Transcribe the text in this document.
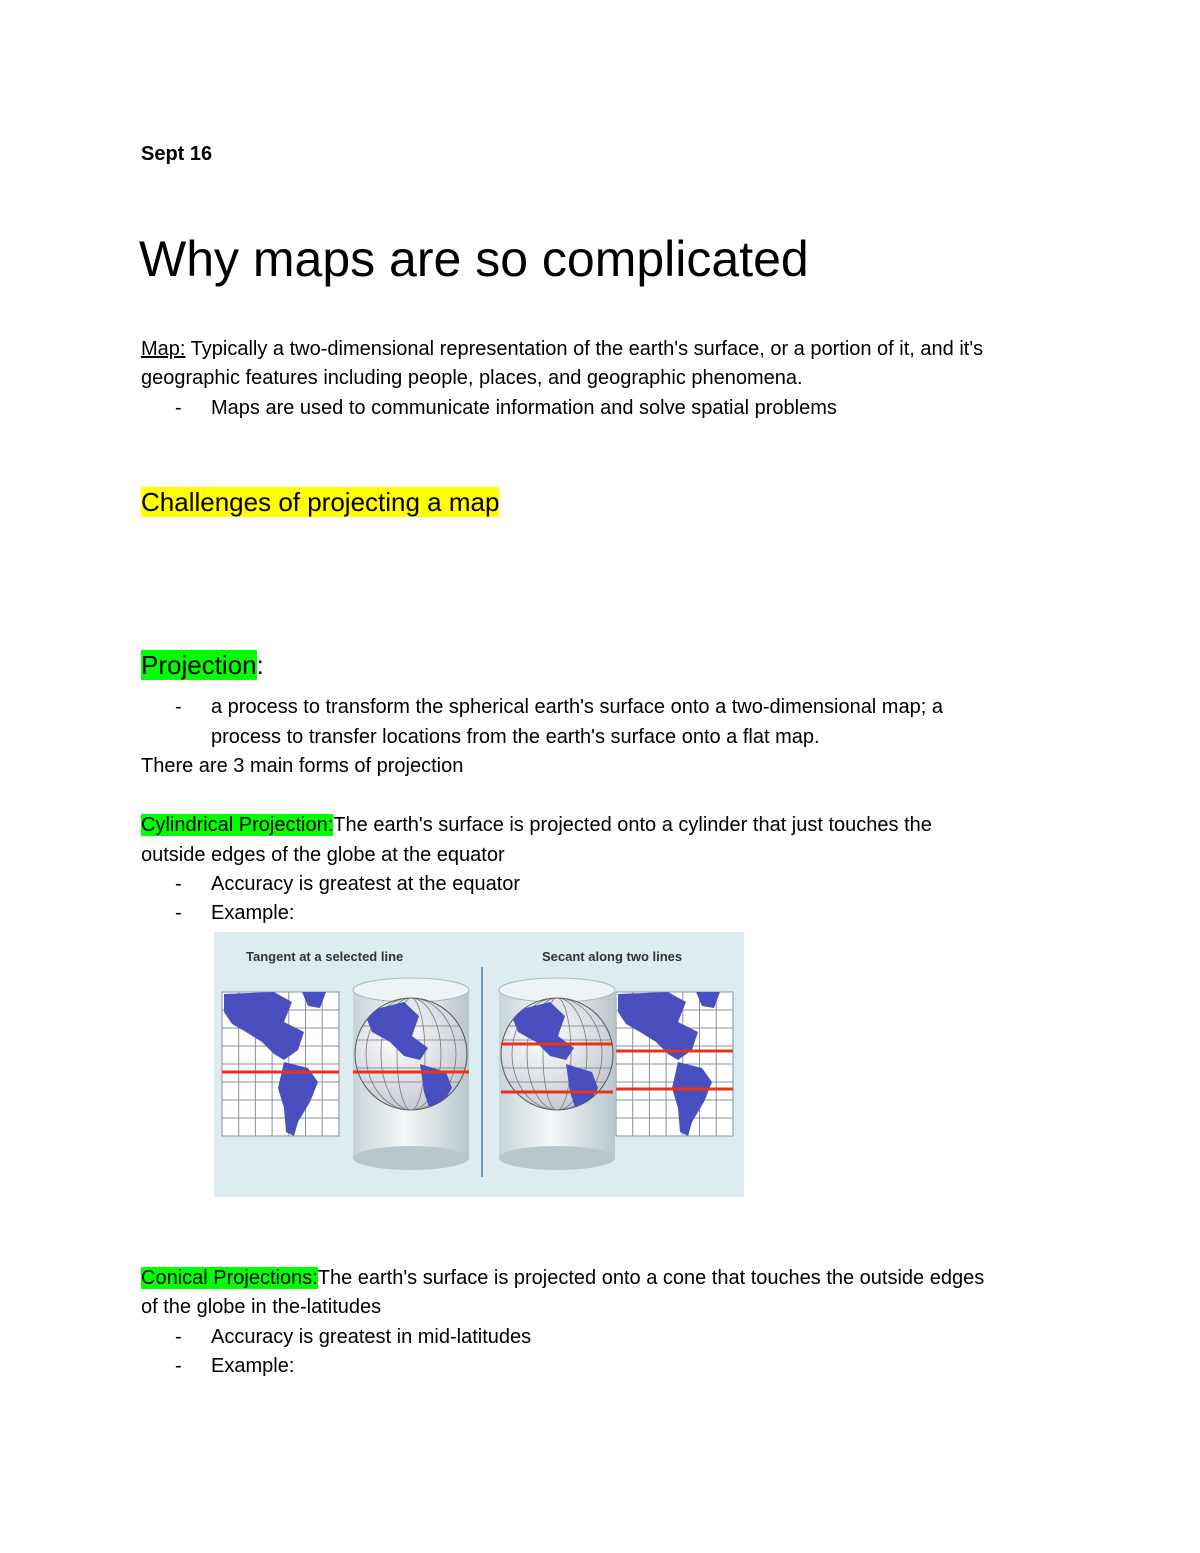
Sept 16
Why maps are so complicated
Map: Typically a two-dimensional representation of the earth's surface, or a portion of it, and it's
geographic features including people, places, and geographic phenomena.
- Maps are used to communicate information and solve spatial problems
Challenges of projecting a map
Projection:
- a process to transform the spherical earth's surface onto a two-dimensional map; a
process to transfer locations from the earth's surface onto a flat map.
There are 3 main forms of projection
Cylindrical Projection:The earth's surface is projected onto a cylinder that just touches the
outside edges of the globe at the equator
- Accuracy is greatest at the equator
- Example:
Tangent at a selected line	Secant along two lines
Conical Projections:The earth's surface is projected onto a cone that touches the outside edges
of the globe in the-latitudes
- Accuracy is greatest in mid-latitudes
- Example:
